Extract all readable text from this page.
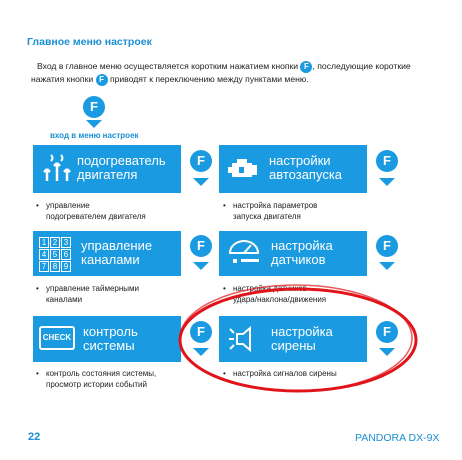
Главное меню настроек
Вход в главное меню осуществляется коротким нажатием кнопки F , последующие короткие
нажатия кнопки F приводят к переключению между пунктами меню.
F
вход в меню настроек
подогреватель
двигателя
F	настройки
автозапуска
F
• управление
подогревателем двигателя
• настройка параметров
запуска двигателя
1 2 3
4 5 6
7 8 9
управление
каналами
F	настройка
датчиков
F
• управление таймерными
каналами
• настройка датчиков
удара/наклона/движения
CHECK контроль
системы
F	настройка
сирены
F
• контроль состояния системы,
просмотр истории событий
• настройка сигналов сирены
22	PANDORA DX-9X
